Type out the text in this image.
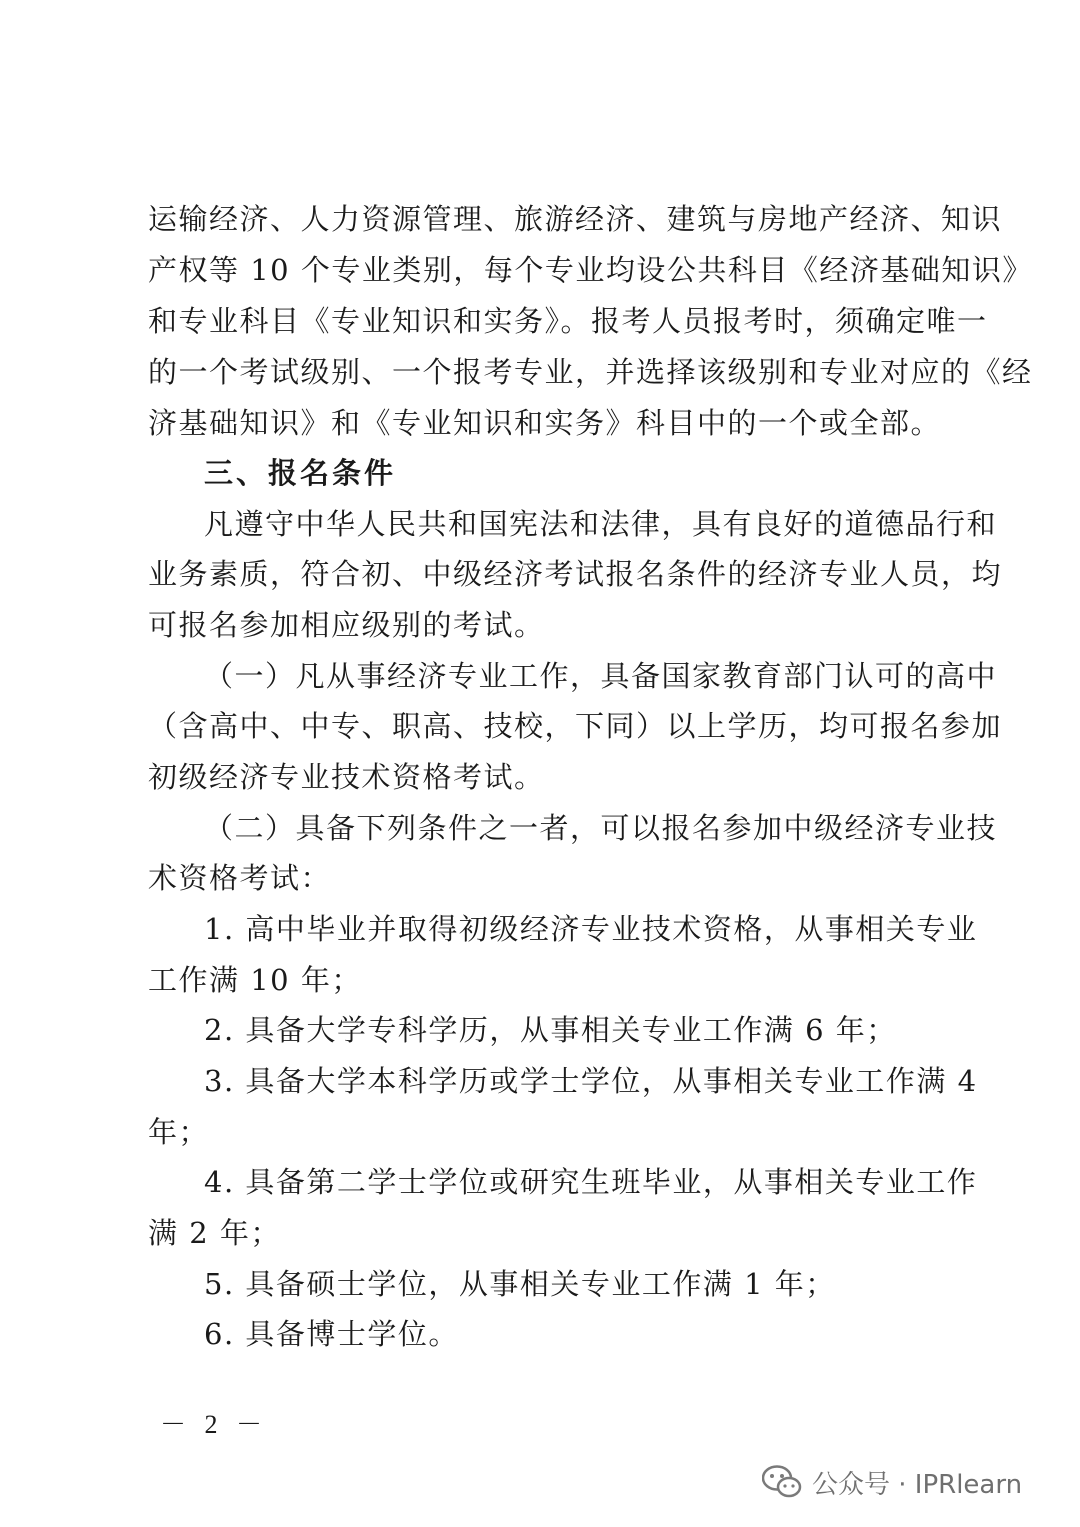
运输经济、人力资源管理、旅游经济、建筑与房地产经济、知识
产权等 10 个专业类别，每个专业均设公共科目《经济基础知识》
和专业科目《专业知识和实务》。报考人员报考时，须确定唯一
的一个考试级别、一个报考专业，并选择该级别和专业对应的《经
济基础知识》和《专业知识和实务》科目中的一个或全部。
三、报名条件
凡遵守中华人民共和国宪法和法律，具有良好的道德品行和
业务素质，符合初、中级经济考试报名条件的经济专业人员，均
可报名参加相应级别的考试。
（一）凡从事经济专业工作，具备国家教育部门认可的高中
（含高中、中专、职高、技校，下同）以上学历，均可报名参加
初级经济专业技术资格考试。
（二）具备下列条件之一者，可以报名参加中级经济专业技
术资格考试：
1. 高中毕业并取得初级经济专业技术资格，从事相关专业
工作满 10 年；
2. 具备大学专科学历，从事相关专业工作满 6 年；
3. 具备大学本科学历或学士学位，从事相关专业工作满 4
年；
4. 具备第二学士学位或研究生班毕业，从事相关专业工作
满 2 年；
5. 具备硕士学位，从事相关专业工作满 1 年；
6. 具备博士学位。
－ 2 －
公众号 · IPRlearn
